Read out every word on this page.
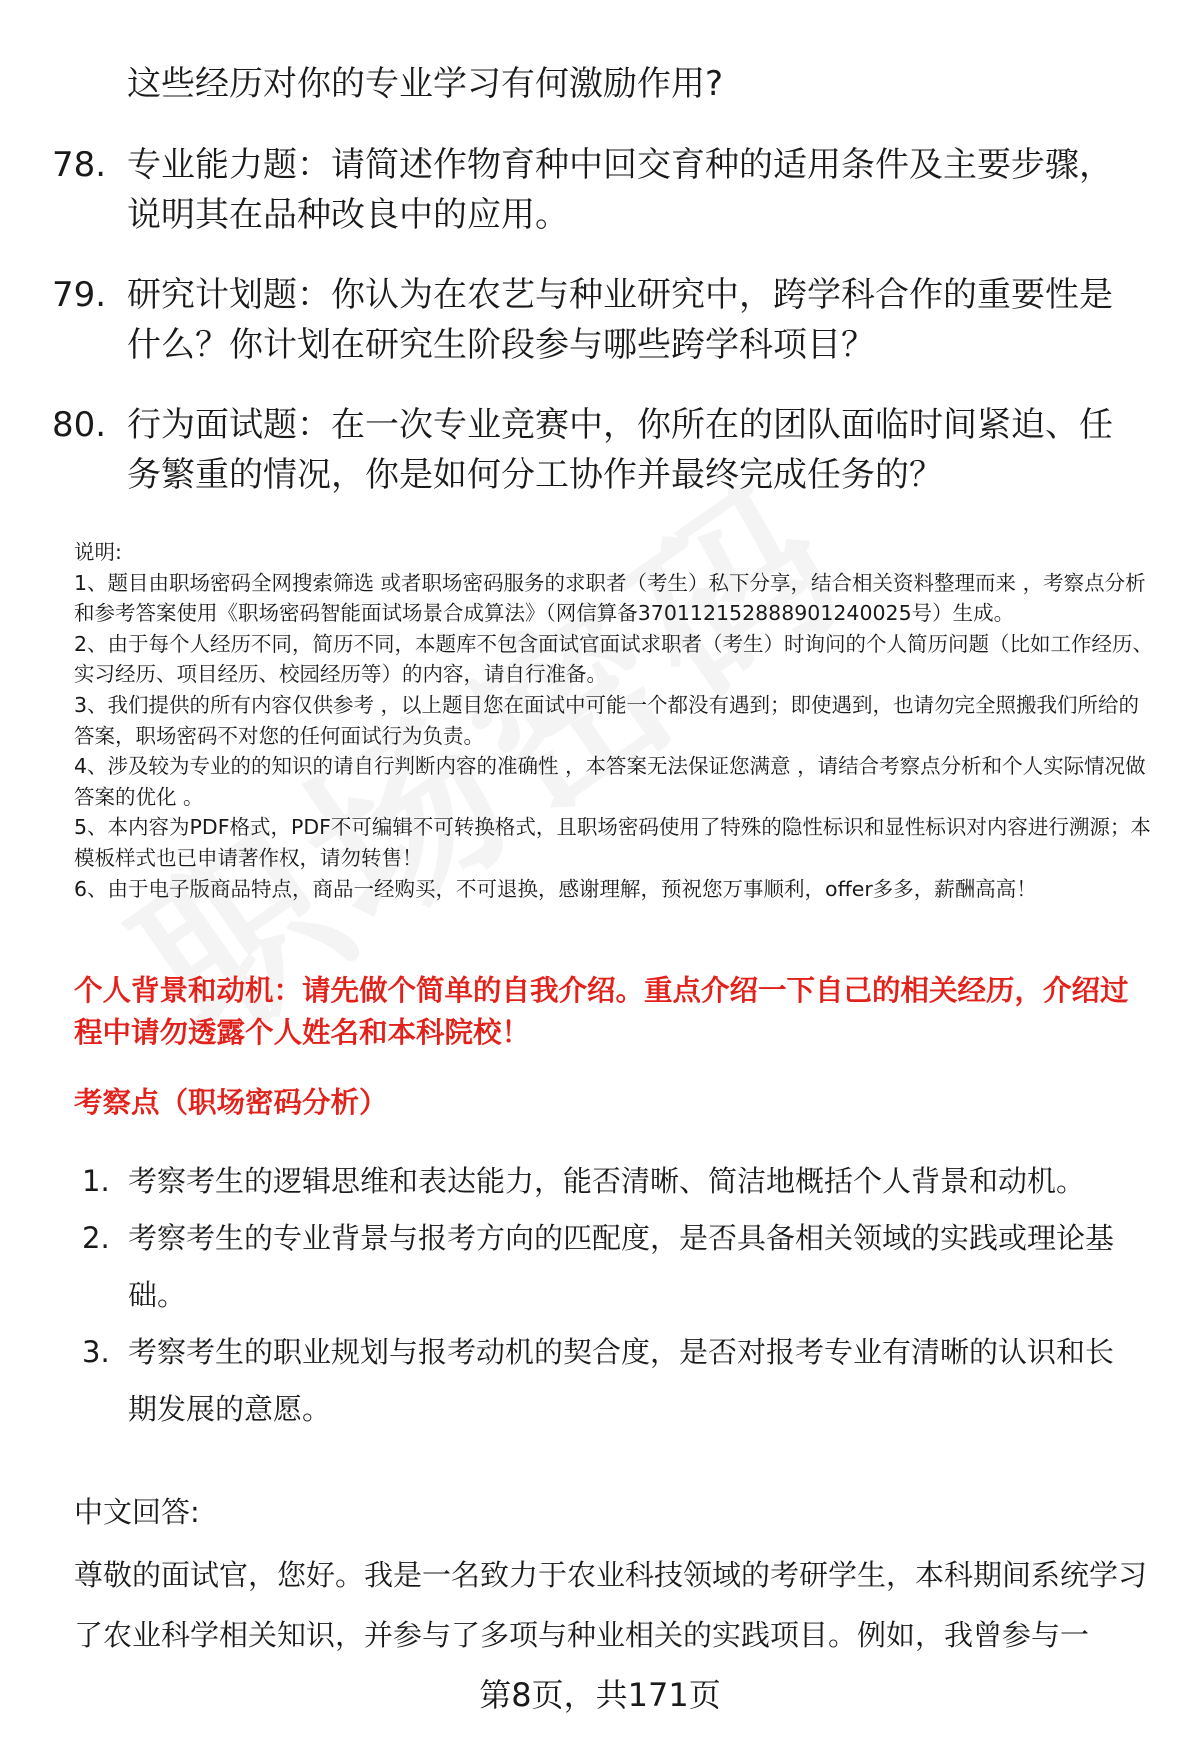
这些经历对你的专业学习有何激励作用?
78. 专业能力题：请简述作物育种中回交育种的适用条件及主要步骤，说明其在品种改良中的应用。
79. 研究计划题：你认为在农艺与种业研究中，跨学科合作的重要性是什么？你计划在研究生阶段参与哪些跨学科项目？
80. 行为面试题：在一次专业竞赛中，你所在的团队面临时间紧迫、任务繁重的情况，你是如何分工协作并最终完成任务的？

说明:

1、题目由职场密码全网搜索筛选 或者职场密码服务的求职者（考生）私下分享，结合相关资料整理而来 ，考察点分析和参考答案使用《职场密码智能面试场景合成算法》（网信算备370112152888901240025号）生成。

2、由于每个人经历不同，简历不同，本题库不包含面试官面试求职者（考生）时询问的个人简历问题（比如工作经历、实习经历、项目经历、校园经历等）的内容，请自行准备。

3、我们提供的所有内容仅供参考 ，以上题目您在面试中可能一个都没有遇到；即使遇到，也请勿完全照搬我们所给的答案，职场密码不对您的任何面试行为负责。

4、涉及较为专业的的知识的请自行判断内容的准确性 ，本答案无法保证您满意 ，请结合考察点分析和个人实际情况做答案的优化 。

5、本内容为PDF格式，PDF不可编辑不可转换格式，且职场密码使用了特殊的隐性标识和显性标识对内容进行溯源；本模板样式也已申请著作权，请勿转售！

6、由于电子版商品特点，商品一经购买，不可退换，感谢理解，预祝您万事顺利，offer多多，薪酬高高！

个人背景和动机：请先做个简单的自我介绍。重点介绍一下自己的相关经历，介绍过程中请勿透露个人姓名和本科院校！
考察点（职场密码分析）
1. 考察考生的逻辑思维和表达能力，能否清晰、简洁地概括个人背景和动机。
2. 考察考生的专业背景与报考方向的匹配度，是否具备相关领域的实践或理论基础。
3. 考察考生的职业规划与报考动机的契合度，是否对报考专业有清晰的认识和长期发展的意愿。
中文回答:
尊敬的面试官，您好。我是一名致力于农业科技领域的考研学生，本科期间系统学习了农业科学相关知识，并参与了多项与种业相关的实践项目。例如，我曾参与一
第8页，共171页
